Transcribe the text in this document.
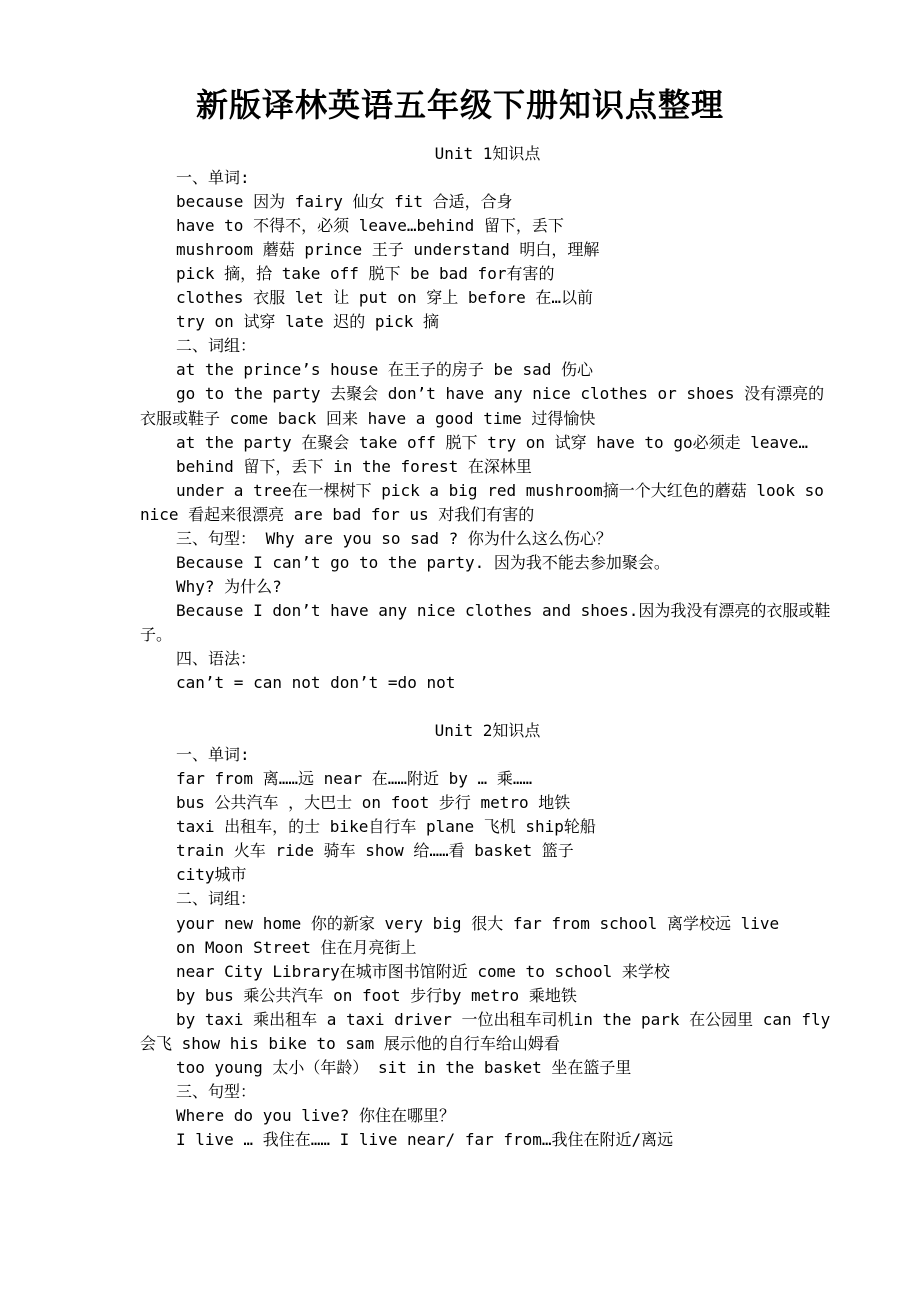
新版译林英语五年级下册知识点整理
Unit 1知识点
一、单词:
because 因为 fairy 仙女 fit 合适，合身
have to 不得不，必须 leave…behind 留下，丢下
mushroom 蘑菇 prince 王子 understand 明白，理解
pick 摘，拾 take off 脱下 be bad for有害的
clothes 衣服 let 让 put on 穿上 before 在…以前
try on 试穿 late 迟的 pick 摘
二、词组：
at the prince’s house 在王子的房子 be sad 伤心
go to the party 去聚会 don’t have any nice clothes or shoes 没有漂亮的衣服或鞋子 come back 回来 have a good time 过得愉快
at the party 在聚会 take off 脱下 try on 试穿 have to go必须走 leave…
behind 留下，丢下 in the forest 在深林里
under a tree在一棵树下 pick a big red mushroom摘一个大红色的蘑菇 look so nice 看起来很漂亮 are bad for us 对我们有害的
三、句型： Why are you so sad ? 你为什么这么伤心？
Because I can’t go to the party. 因为我不能去参加聚会。
Why? 为什么?
Because I don’t have any nice clothes and shoes.因为我没有漂亮的衣服或鞋子。
四、语法：
can’t = can not don’t =do not
Unit 2知识点
一、单词:
far from 离……远 near 在……附近 by … 乘……
bus 公共汽车 ，大巴士 on foot 步行 metro 地铁
taxi 出租车，的士 bike自行车 plane 飞机 ship轮船
train 火车 ride 骑车 show 给……看 basket 篮子
city城市
二、词组：
your new home 你的新家 very big 很大 far from school 离学校远 live
on Moon Street 住在月亮街上
near City Library在城市图书馆附近 come to school 来学校
by bus 乘公共汽车 on foot 步行by metro 乘地铁
by taxi 乘出租车 a taxi driver 一位出租车司机in the park 在公园里 can fly 会飞 show his bike to sam 展示他的自行车给山姆看
too young 太小（年龄） sit in the basket 坐在篮子里
三、句型：
Where do you live? 你住在哪里？
I live … 我住在…… I live near/ far from…我住在附近/离远
